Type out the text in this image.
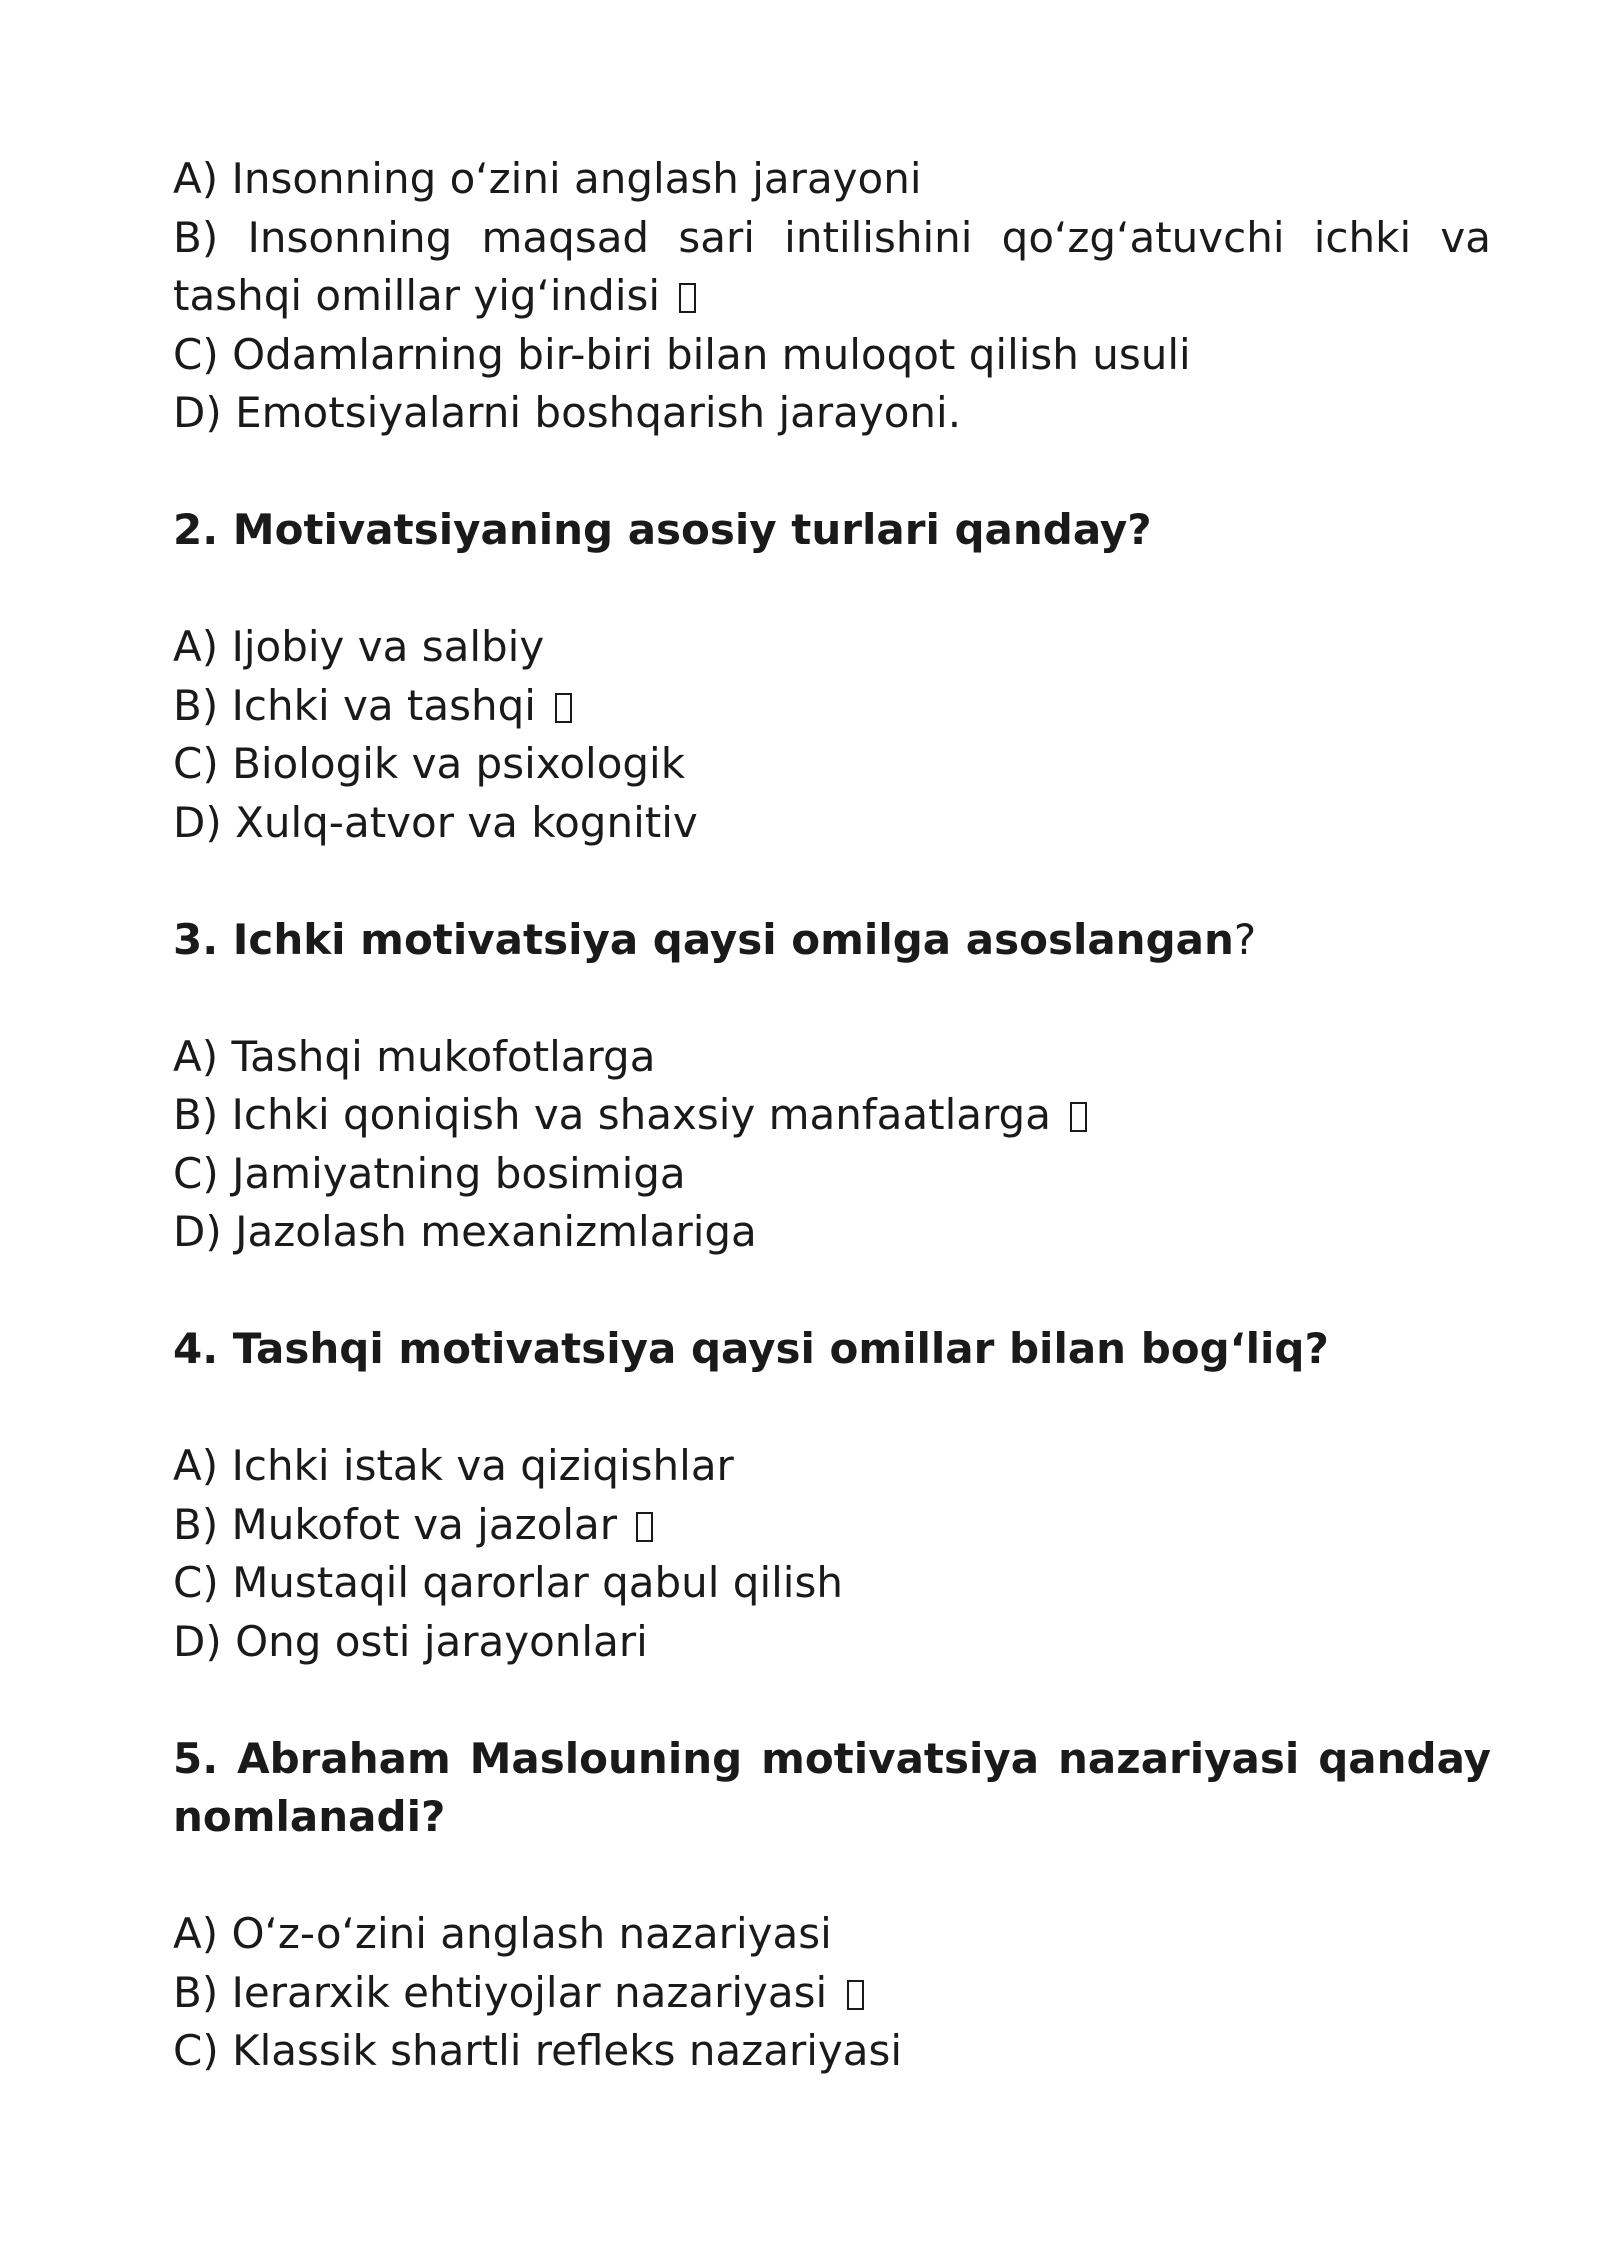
A) Insonning o‘zini anglash jarayoni

B) Insonning maqsad sari intilishini qo‘zg‘atuvchi ichki va tashqi omillar yig‘indisi

C) Odamlarning bir-biri bilan muloqot qilish usuli

D) Emotsiyalarni boshqarish jarayoni.

2. Motivatsiyaning asosiy turlari qanday?

A) Ijobiy va salbiy

B) Ichki va tashqi

C) Biologik va psixologik

D) Xulq-atvor va kognitiv

3. Ichki motivatsiya qaysi omilga asoslangan?

A) Tashqi mukofotlarga

B) Ichki qoniqish va shaxsiy manfaatlarga

C) Jamiyatning bosimiga

D) Jazolash mexanizmlariga

4. Tashqi motivatsiya qaysi omillar bilan bog‘liq?

A) Ichki istak va qiziqishlar

B) Mukofot va jazolar

C) Mustaqil qarorlar qabul qilish

D) Ong osti jarayonlari

5. Abraham Maslouning motivatsiya nazariyasi qanday nomlanadi?

A) O‘z-o‘zini anglash nazariyasi

B) Ierarxik ehtiyojlar nazariyasi

C) Klassik shartli refleks nazariyasi
